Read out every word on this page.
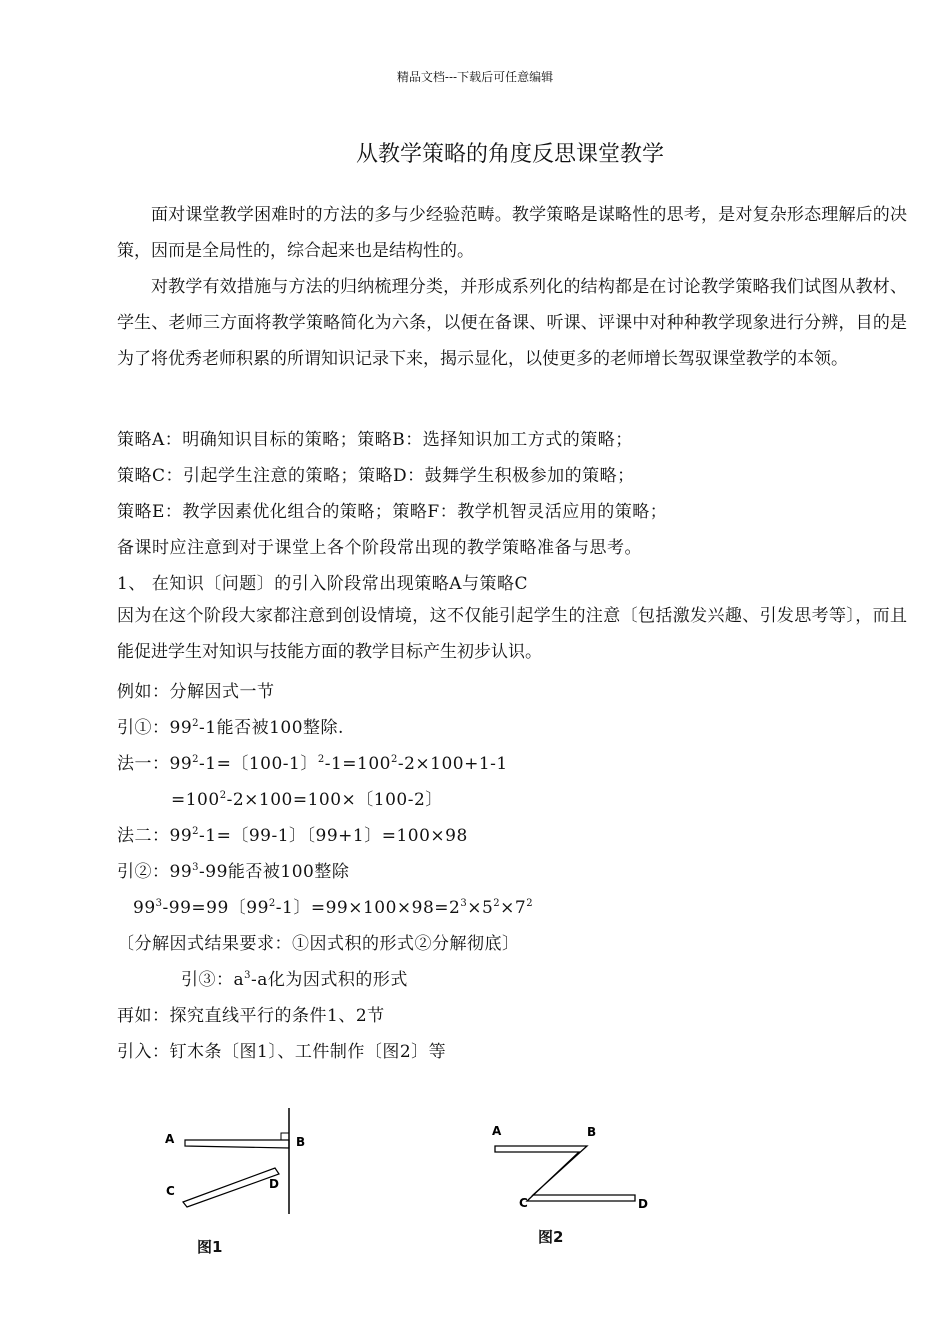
精品文档---下载后可任意编辑
从教学策略的角度反思课堂教学

面对课堂教学困难时的方法的多与少经验范畴。教学策略是谋略性的思考，是对复杂形态理解后的决策，因而是全局性的，综合起来也是结构性的。

对教学有效措施与方法的归纳梳理分类，并形成系列化的结构都是在讨论教学策略我们试图从教材、学生、老师三方面将教学策略简化为六条，以便在备课、听课、评课中对种种教学现象进行分辨，目的是为了将优秀老师积累的所谓知识记录下来，揭示显化，以使更多的老师增长驾驭课堂教学的本领。

策略A：明确知识目标的策略；策略B：选择知识加工方式的策略；
策略C：引起学生注意的策略；策略D：鼓舞学生积极参加的策略；
策略E：教学因素优化组合的策略；策略F：教学机智灵活应用的策略；
备课时应注意到对于课堂上各个阶段常出现的教学策略准备与思考。
1、 在知识〔问题〕的引入阶段常出现策略A与策略C

因为在这个阶段大家都注意到创设情境，这不仅能引起学生的注意〔包括激发兴趣、引发思考等〕，而且能促进学生对知识与技能方面的教学目标产生初步认识。

例如：分解因式一节
引①：$99^2-1$能否被100整除.
法一：$99^2-1=$〔100-1〕$^2-1=100^2-2\times 100+1-1$
$=100^2-2\times 100=100\times$〔100-2〕
法二：$99^2-1=$〔99-1〕〔99+1〕=100×98
引②：$99^3-99$能否被100整除
$99^3-99=99$〔$99^2-1$〕$=99\times 100\times 98=2^3\times 5^2\times 7^2$
〔分解因式结果要求：①因式积的形式②分解彻底〕
引③：$a^3-a$化为因式积的形式
再如：探究直线平行的条件1、2节
引入：钉木条〔图1〕、工件制作〔图2〕等
A	B
C	D
图1
A	B
C	D
图2
